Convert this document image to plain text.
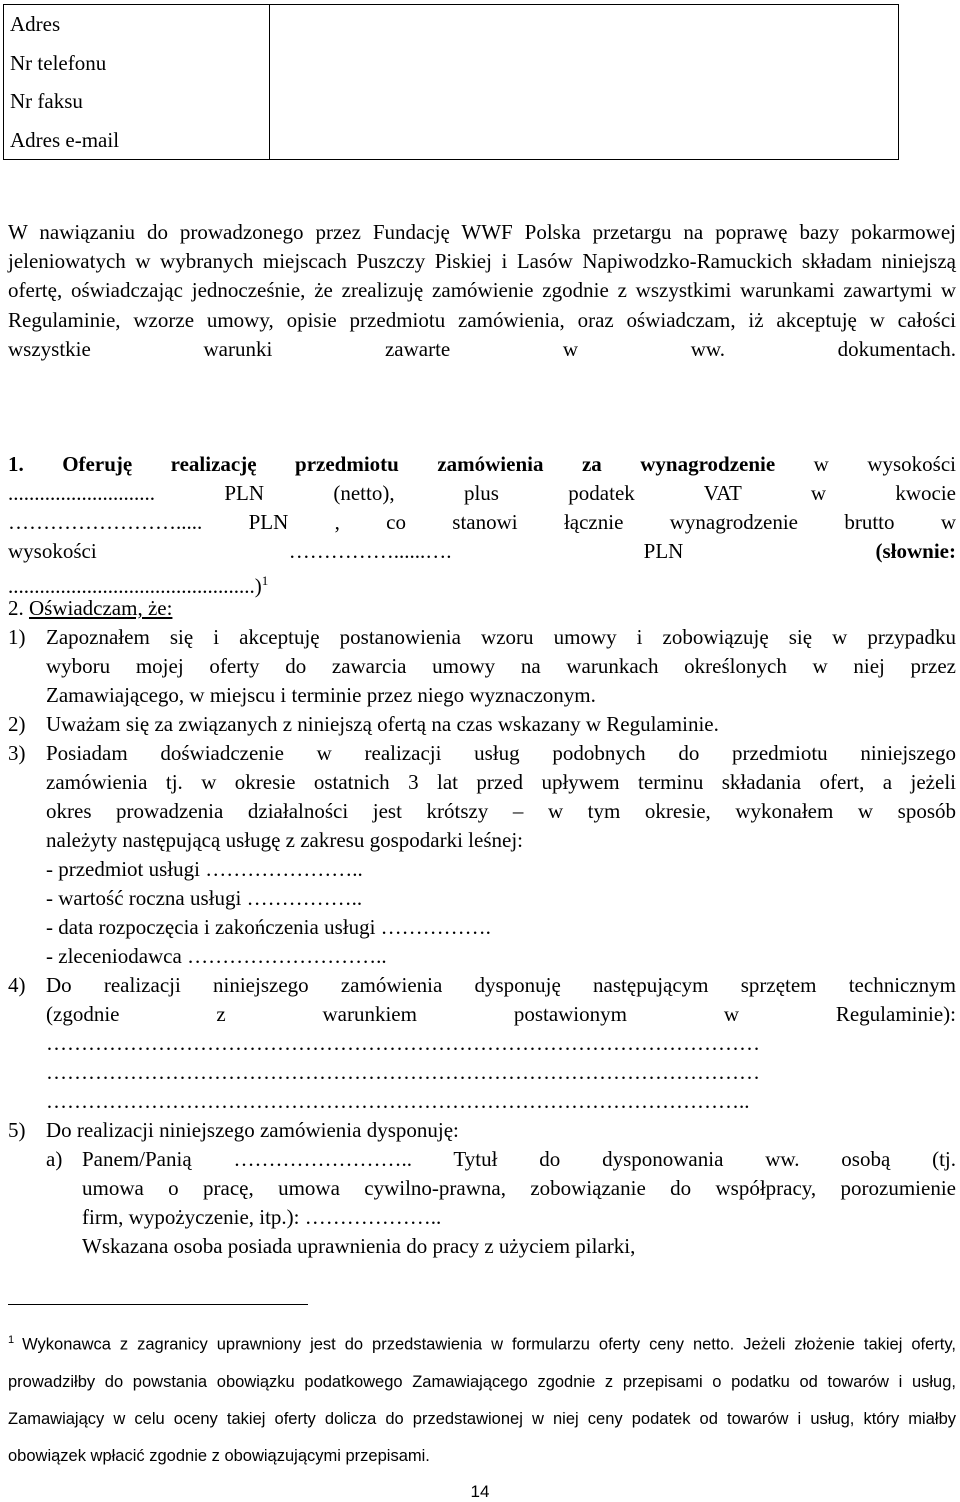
Adres
Nr telefonu
Nr faksu
Adres e-mail

W nawiązaniu do prowadzonego przez Fundację WWF Polska przetargu na poprawę bazy pokarmowej jeleniowatych w wybranych miejscach Puszczy Piskiej i Lasów Napiwodzko-Ramuckich składam niniejszą ofertę, oświadczając jednocześnie, że zrealizuję zamówienie zgodnie z wszystkimi warunkami zawartymi w Regulaminie, wzorze umowy, opisie przedmiotu zamówienia, oraz oświadczam, iż akceptuję w całości wszystkie warunki zawarte w ww. dokumentach.
1. Oferuję realizację przedmiotu zamówienia za wynagrodzenie w wysokości
............................ PLN (netto), plus podatek VAT w kwocie
……………………..... PLN , co stanowi łącznie wynagrodzenie brutto w
wysokości	……………......….	PLN	(słownie:
...............................................)$^1$
2. Oświadczam, że:
1) Zapoznałem się i akceptuję postanowienia wzoru umowy i zobowiązuję się w przypadku
wyboru mojej oferty do zawarcia umowy na warunkach określonych w niej przez
Zamawiającego, w miejscu i terminie przez niego wyznaczonym.
2) Uważam się za związanych z niniejszą ofertą na czas wskazany w Regulaminie.
3) Posiadam doświadczenie w realizacji usług podobnych do przedmiotu niniejszego
zamówienia tj. w okresie ostatnich 3 lat przed upływem terminu składania ofert, a jeżeli
okres prowadzenia działalności jest krótszy – w tym okresie, wykonałem w sposób
należyty następującą usługę z zakresu gospodarki leśnej:
- przedmiot usługi …………………..
- wartość roczna usługi ……………..
- data rozpoczęcia i zakończenia usługi …………….
- zleceniodawca ………………………..
4) Do realizacji niniejszego zamówienia dysponuję następującym sprzętem technicznym
(zgodnie z warunkiem postawionym w Regulaminie):
…………………………………………………………………………………………
…………………………………………………………………………………………
………………………………………………………………………………………..
5) Do realizacji niniejszego zamówienia dysponuję:
a) Panem/Panią …………………….. Tytuł do dysponowania ww. osobą (tj.
umowa o pracę, umowa cywilno-prawna, zobowiązanie do współpracy, porozumienie
firm, wypożyczenie, itp.): ………………..
Wskazana osoba posiada uprawnienia do pracy z użyciem pilarki,
$^1$ Wykonawca z zagranicy uprawniony jest do przedstawienia w formularzu oferty ceny netto. Jeżeli złożenie takiej oferty, prowadziłby do powstania obowiązku podatkowego Zamawiającego zgodnie z przepisami o podatku od towarów i usług, Zamawiający w celu oceny takiej oferty dolicza do przedstawionej w niej ceny podatek od towarów i usług, który miałby obowiązek wpłacić zgodnie z obowiązującymi przepisami.
14
